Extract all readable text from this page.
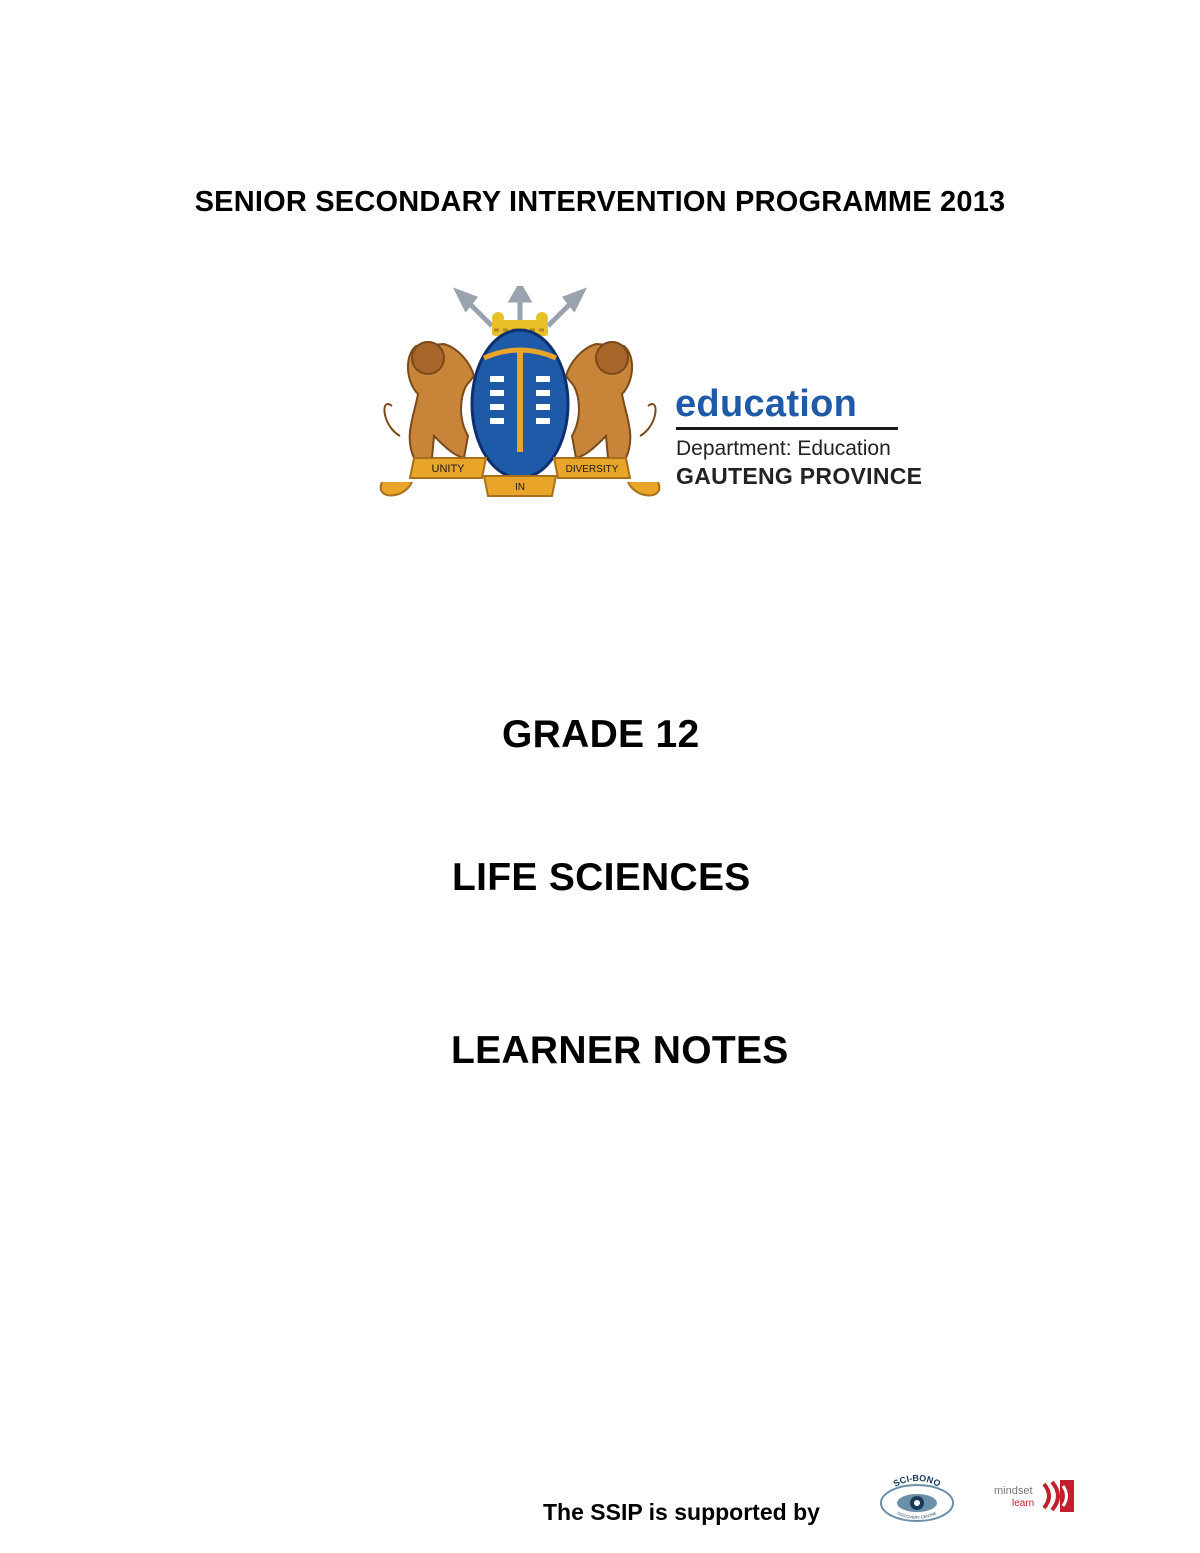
SENIOR SECONDARY INTERVENTION PROGRAMME 2013
UNITY
IN
DIVERSITY
education
Department: Education
GAUTENG PROVINCE
GRADE 12
LIFE SCIENCES
LEARNER NOTES
The SSIP is supported by
SCI-BONO
DISCOVERY CENTRE
mindset
learn
